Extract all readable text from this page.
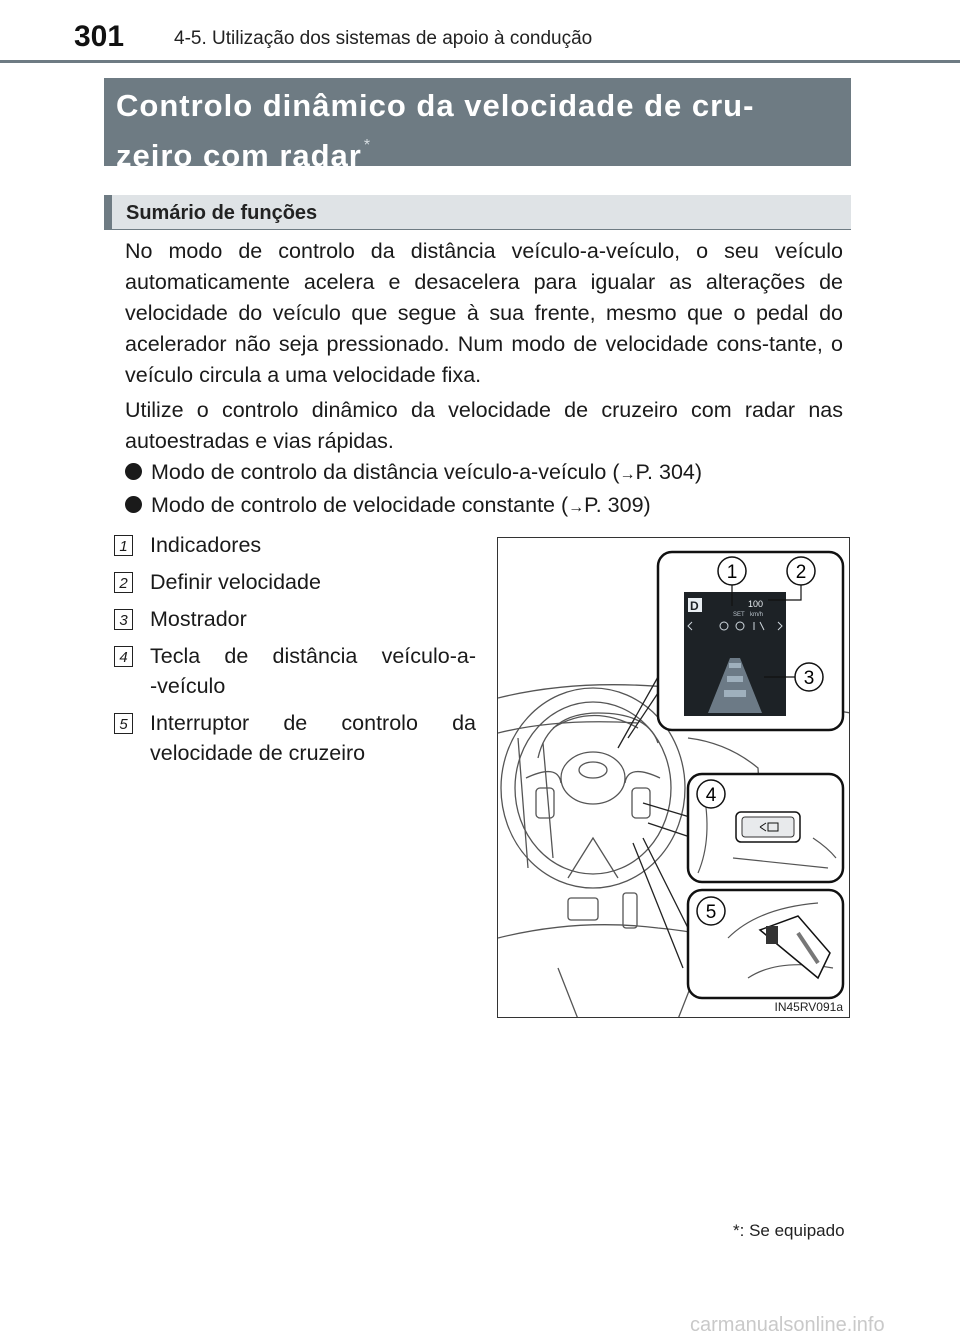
301	4-5. Utilização dos sistemas de apoio à condução
Controlo dinâmico da velocidade de cru-
zeiro com radar *
Sumário de funções

No modo de controlo da distância veículo-a-veículo, o seu veículo automaticamente acelera e desacelera para igualar as alterações de velocidade do veículo que segue à sua frente, mesmo que o pedal do acelerador não seja pressionado. Num modo de velocidade cons-tante, o veículo circula a uma velocidade fixa.

Utilize o controlo dinâmico da velocidade de cruzeiro com radar nas autoestradas e vias rápidas.

Modo de controlo da distância veículo-a-veículo (→P. 304)
Modo de controlo de velocidade constante (→P. 309)
1 Indicadores

2 Definir velocidade

3 Mostrador

4 Tecla de distância veículo-a-

-veículo

5 Interruptor de controlo da

velocidade de cruzeiro

D	100
km/h
SET
1	2
3
4
5
IN45RV091a
*: Se equipado
carmanualsonline.info
